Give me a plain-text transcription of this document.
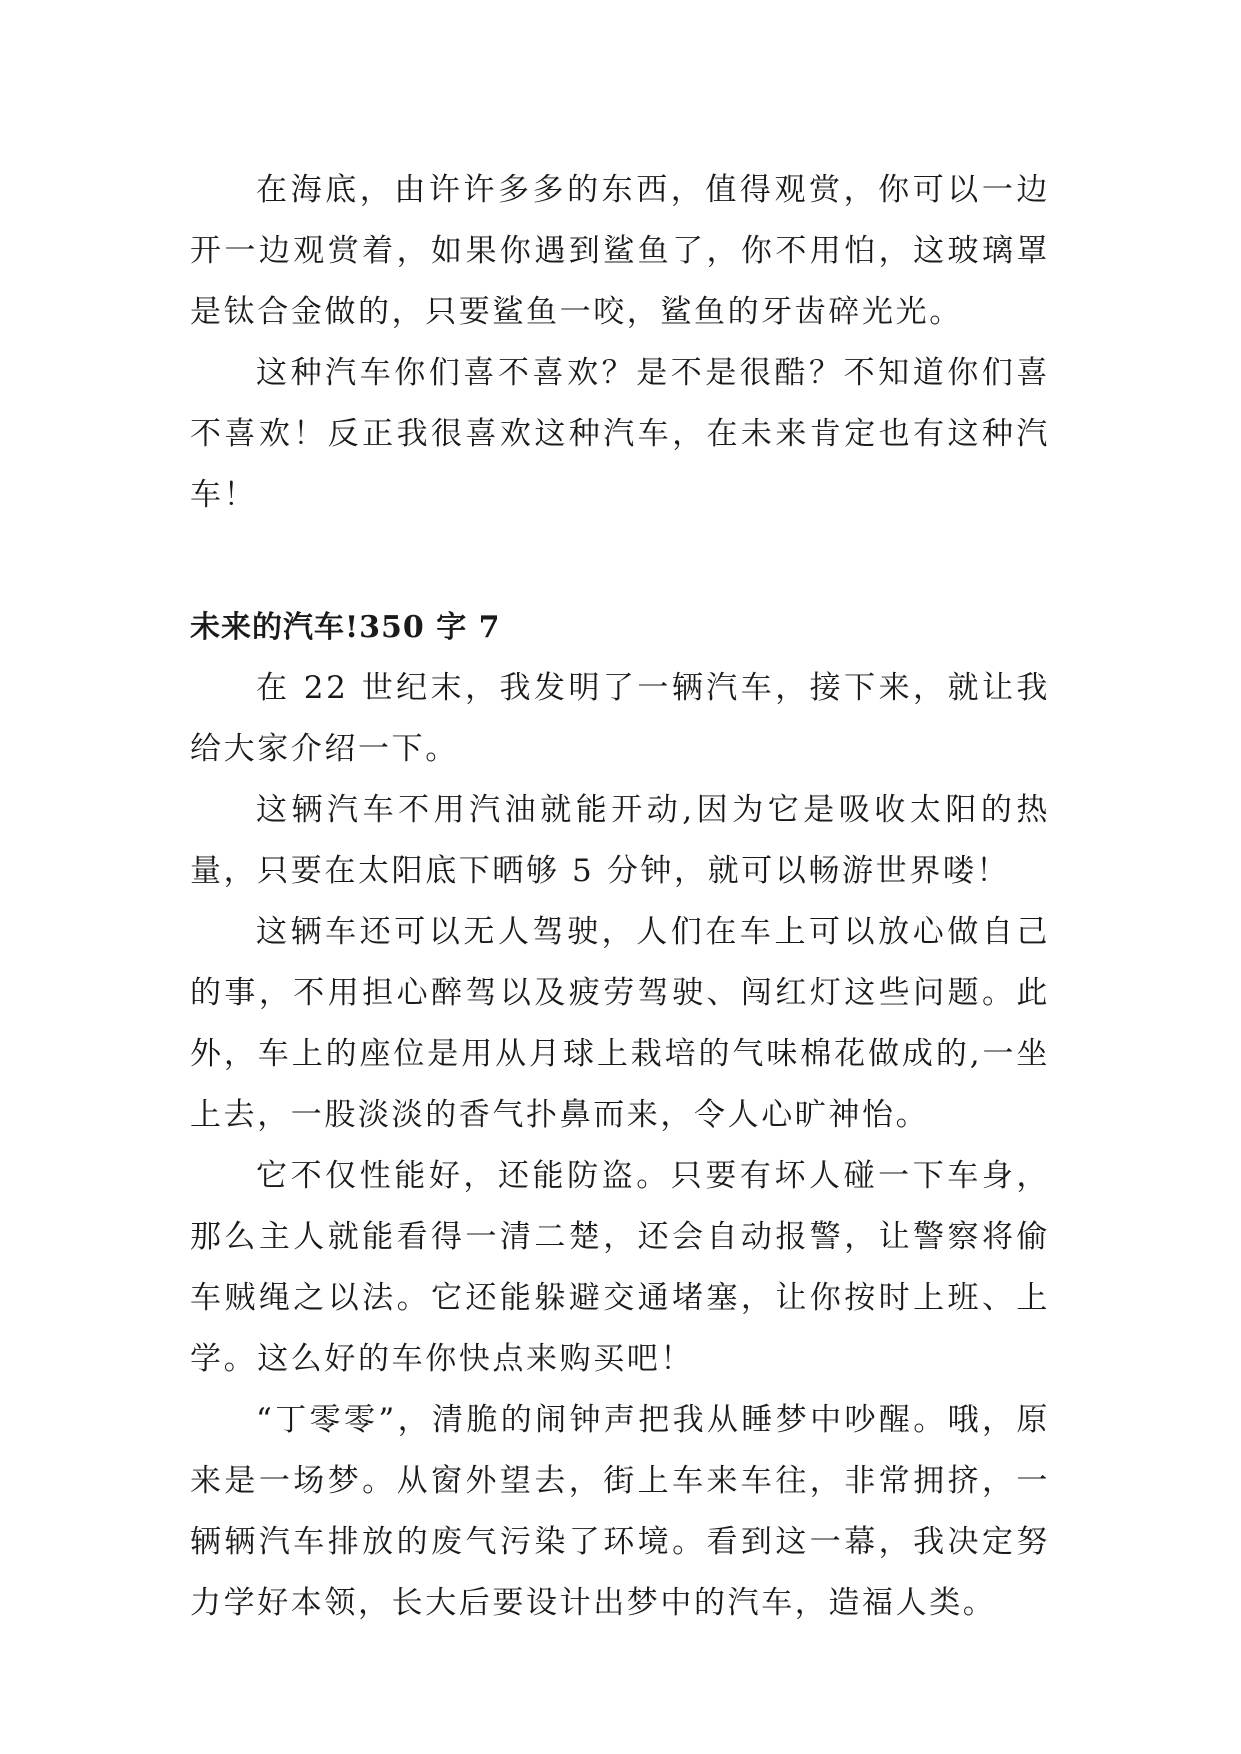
在海底，由许许多多的东西，值得观赏，你可以一边开一边观赏着，如果你遇到鲨鱼了，你不用怕，这玻璃罩是钛合金做的，只要鲨鱼一咬，鲨鱼的牙齿碎光光。

这种汽车你们喜不喜欢？是不是很酷？不知道你们喜不喜欢！反正我很喜欢这种汽车，在未来肯定也有这种汽车！

未来的汽车!350 字 7

在 22 世纪末，我发明了一辆汽车，接下来，就让我给大家介绍一下。

这辆汽车不用汽油就能开动,因为它是吸收太阳的热量，只要在太阳底下晒够 5 分钟，就可以畅游世界喽！

这辆车还可以无人驾驶，人们在车上可以放心做自己的事，不用担心醉驾以及疲劳驾驶、闯红灯这些问题。此外，车上的座位是用从月球上栽培的气味棉花做成的,一坐上去，一股淡淡的香气扑鼻而来，令人心旷神怡。

它不仅性能好，还能防盗。只要有坏人碰一下车身，那么主人就能看得一清二楚，还会自动报警，让警察将偷车贼绳之以法。它还能躲避交通堵塞，让你按时上班、上学。这么好的车你快点来购买吧！

“丁零零”，清脆的闹钟声把我从睡梦中吵醒。哦，原来是一场梦。从窗外望去，街上车来车往，非常拥挤，一辆辆汽车排放的废气污染了环境。看到这一幕，我决定努力学好本领，长大后要设计出梦中的汽车，造福人类。
